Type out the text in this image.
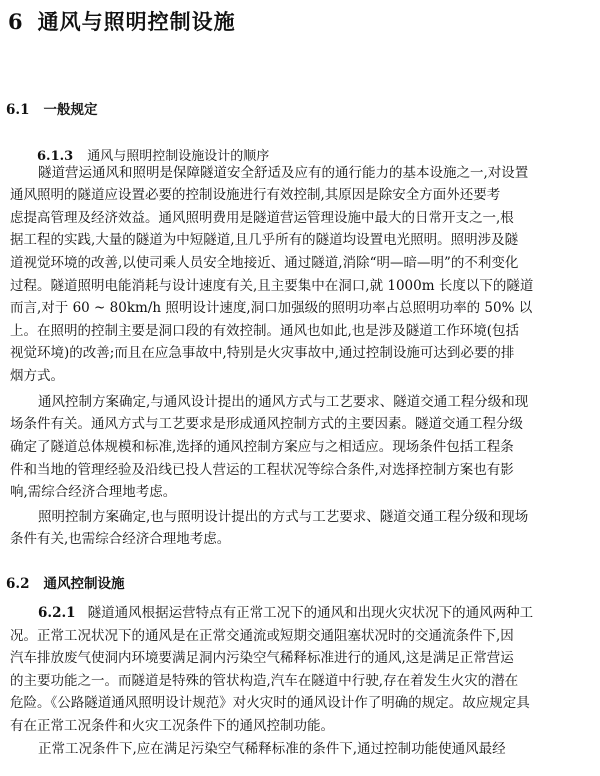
6 通风与照明控制设施
6.1 一般规定
6.1.3 通风与照明控制设施设计的顺序
隧道营运通风和照明是保障隧道安全舒适及应有的通行能力的基本设施之一,对设置
通风照明的隧道应设置必要的控制设施进行有效控制,其原因是除安全方面外还要考
虑提高管理及经济效益。通风照明费用是隧道营运管理设施中最大的日常开支之一,根
据工程的实践,大量的隧道为中短隧道,且几乎所有的隧道均设置电光照明。照明涉及隧
道视觉环境的改善,以使司乘人员安全地接近、通过隧道,消除“明—暗—明”的不利变化
过程。隧道照明电能消耗与设计速度有关,且主要集中在洞口,就 1000m 长度以下的隧道
而言,对于 60 ~ 80km/h 照明设计速度,洞口加强级的照明功率占总照明功率的 50% 以
上。在照明的控制主要是洞口段的有效控制。通风也如此,也是涉及隧道工作环境(包括
视觉环境)的改善;而且在应急事故中,特别是火灾事故中,通过控制设施可达到必要的排
烟方式。
通风控制方案确定,与通风设计提出的通风方式与工艺要求、隧道交通工程分级和现
场条件有关。通风方式与工艺要求是形成通风控制方式的主要因素。隧道交通工程分级
确定了隧道总体规模和标准,选择的通风控制方案应与之相适应。现场条件包括工程条
件和当地的管理经验及沿线已投人营运的工程状况等综合条件,对选择控制方案也有影
响,需综合经济合理地考虑。
照明控制方案确定,也与照明设计提出的方式与工艺要求、隧道交通工程分级和现场
条件有关,也需综合经济合理地考虑。
6.2 通风控制设施
6.2.1 隧道通风根据运营特点有正常工况下的通风和出现火灾状况下的通风两种工
况。正常工况状况下的通风是在正常交通流或短期交通阻塞状况时的交通流条件下,因
汽车排放废气使洞内环境要满足洞内污染空气稀释标准进行的通风,这是满足正常营运
的主要功能之一。而隧道是特殊的管状构造,汽车在隧道中行驶,存在着发生火灾的潜在
危险。《公路隧道通风照明设计规范》对火灾时的通风设计作了明确的规定。故应规定具
有在正常工况条件和火灾工况条件下的通风控制功能。
正常工况条件下,应在满足污染空气稀释标准的条件下,通过控制功能使通风最经
